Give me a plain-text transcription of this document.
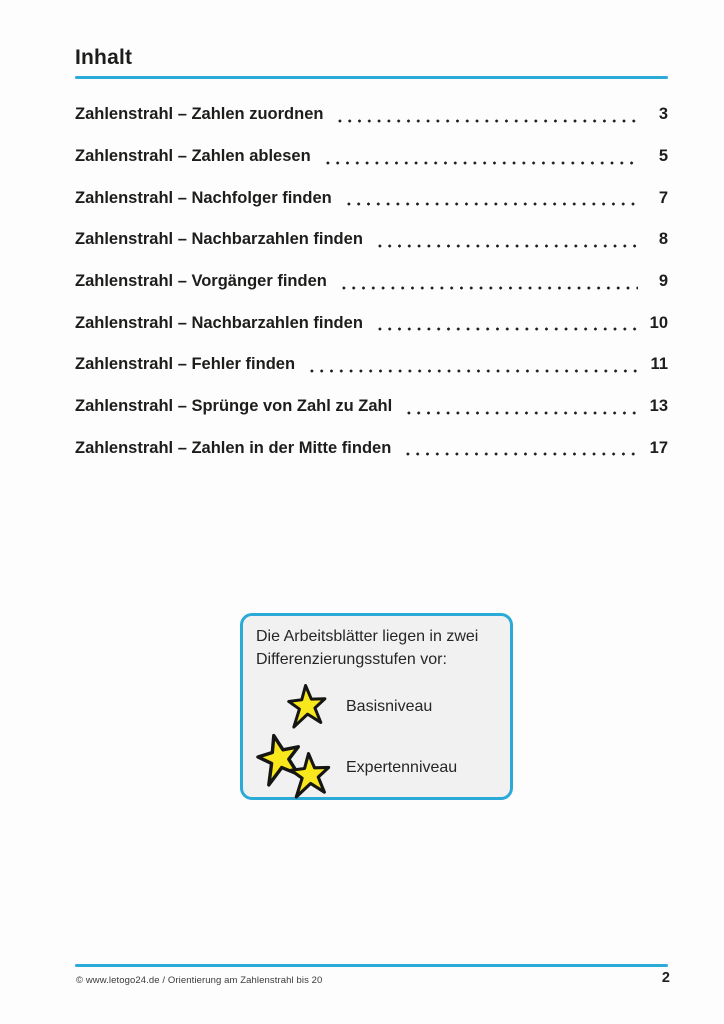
Inhalt
Zahlenstrahl – Zahlen zuordnen	3
Zahlenstrahl – Zahlen ablesen	5
Zahlenstrahl – Nachfolger finden	7
Zahlenstrahl – Nachbarzahlen finden	8
Zahlenstrahl – Vorgänger finden	9
Zahlenstrahl – Nachbarzahlen finden	10
Zahlenstrahl – Fehler finden	11
Zahlenstrahl – Sprünge von Zahl zu Zahl	13
Zahlenstrahl – Zahlen in der Mitte finden	17
Die Arbeitsblätter liegen in zwei
Differenzierungsstufen vor:
Basisniveau
Expertenniveau
© www.letogo24.de / Orientierung am Zahlenstrahl bis 20	2
